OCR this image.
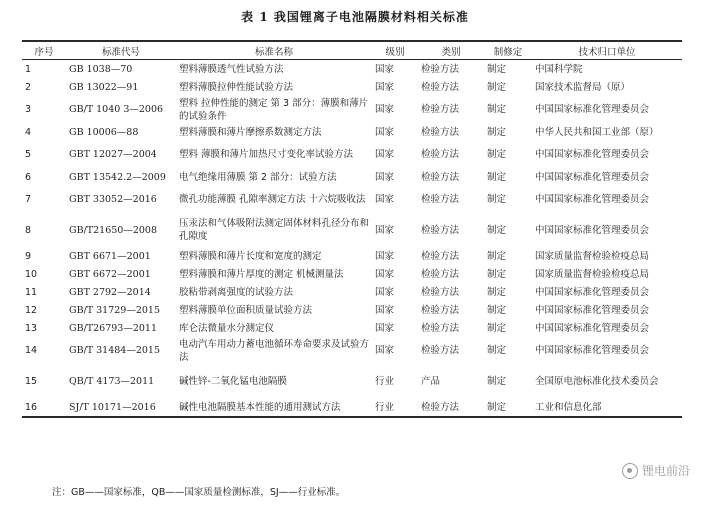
表 1 我国锂离子电池隔膜材料相关标准
序号	标准代号	标准名称	级别	类别	制修定	技术归口单位
1	GB 1038—70	塑料薄膜透气性试验方法	国家	检验方法	制定	中国科学院
2	GB 13022—91	塑料薄膜拉伸性能试验方法	国家	检验方法	制定	国家技术监督局（原）
3	GB/T 1040 3—2006	塑料 拉伸性能的测定 第 3 部分：薄膜和薄片的试验条件	国家	检验方法	制定	中国国家标准化管理委员会
4	GB 10006—88	塑料薄膜和薄片摩擦系数测定方法	国家	检验方法	制定	中华人民共和国工业部（原）
5	GBT 12027—2004	塑料 薄膜和薄片加热尺寸变化率试验方法	国家	检验方法	制定	中国国家标准化管理委员会
6	GBT 13542.2—2009	电气绝缘用薄膜 第 2 部分：试验方法	国家	检验方法	制定	中国国家标准化管理委员会
7	GBT 33052—2016	微孔功能薄膜 孔隙率测定方法 十六烷吸收法	国家	检验方法	制定	中国国家标准化管理委员会
8	GB/T21650—2008	压汞法和气体吸附法测定固体材料孔径分布和孔隙度	国家	检验方法	制定	中国国家标准化管理委员会
9	GBT 6671—2001	塑料薄膜和薄片长度和宽度的测定	国家	检验方法	制定	国家质量监督检验检疫总局
10	GBT 6672—2001	塑料薄膜和薄片厚度的测定 机械测量法	国家	检验方法	制定	国家质量监督检验检疫总局
11	GBT 2792—2014	胶粘带剥离强度的试验方法	国家	检验方法	制定	中国国家标准化管理委员会
12	GB/T 31729—2015	塑料薄膜单位面积质量试验方法	国家	检验方法	制定	中国国家标准化管理委员会
13	GB/T26793—2011	库仑法微量水分测定仪	国家	检验方法	制定	中国国家标准化管理委员会
14	GB/T 31484—2015	电动汽车用动力蓄电池循环寿命要求及试验方法	国家	检验方法	制定	中国国家标准化管理委员会
15	QB/T 4173—2011	碱性锌-二氧化锰电池隔膜	行业	产品	制定	全国原电池标准化技术委员会
16	SJ/T 10171—2016	碱性电池隔膜基本性能的通用测试方法	行业	检验方法	制定	工业和信息化部
注：GB——国家标准，QB——国家质量检测标准，SJ——行业标准。
锂电前沿
